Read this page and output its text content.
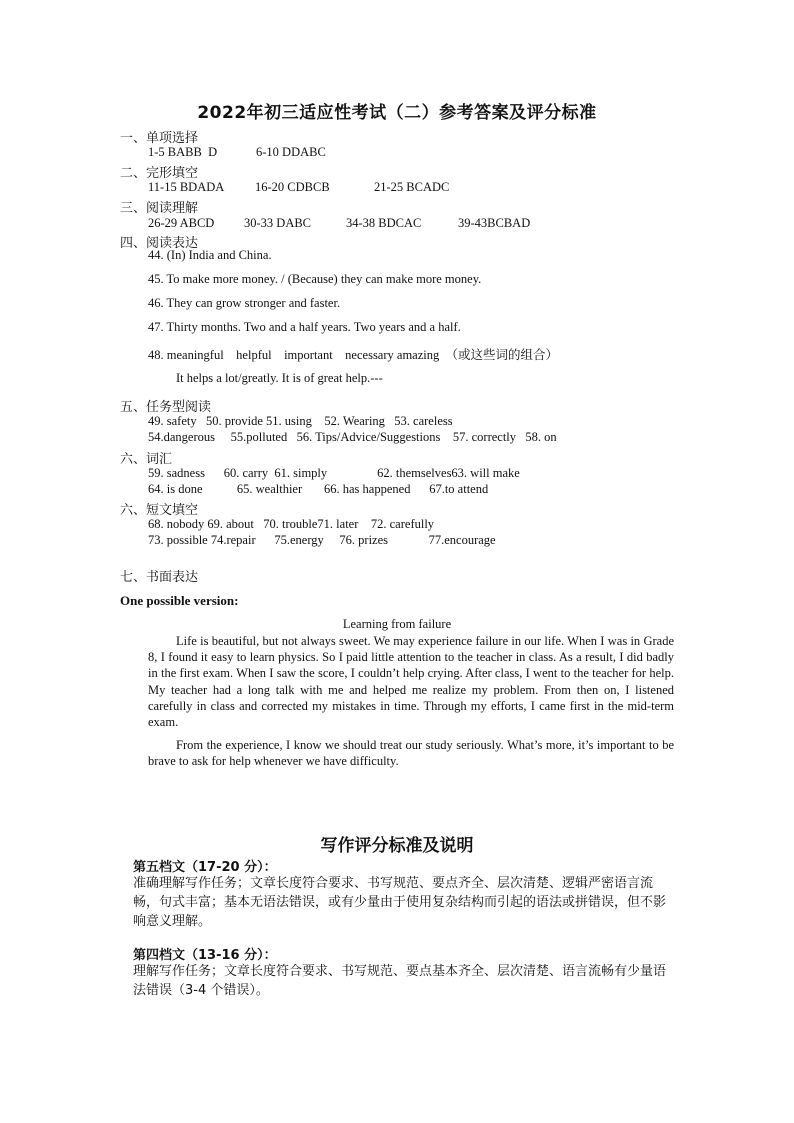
2022年初三适应性考试（二）参考答案及评分标准
一、单项选择
1-5 BABB  D	6-10 DDABC
二、完形填空
11-15 BDADA 16-20 CDBCB	21-25 BCADC
三、阅读理解
26-29 ABCD 30-33 DABC	34-38 BDCAC	39-43BCBAD
四、阅读表达
44. (In) India and China.
45. To make more money. / (Because) they can make more money.
46. They can grow stronger and faster.
47. Thirty months. Two and a half years. Two years and a half.
48. meaningful    helpful    important    necessary amazing  （或这些词的组合）
It helps a lot/greatly. It is of great help.---
五、任务型阅读
49. safety   50. provide 51. using    52. Wearing   53. careless
54.dangerous     55.polluted   56. Tips/Advice/Suggestions    57. correctly   58. on
六、词汇
59. sadness      60. carry  61. simply                62. themselves63. will make
64. is done           65. wealthier       66. has happened      67.to attend
六、短文填空
68. nobody 69. about   70. trouble71. later    72. carefully
73. possible 74.repair      75.energy     76. prizes             77.encourage
七、书面表达
One possible version:
Learning from failure
Life is beautiful, but not always sweet. We may experience failure in our life. When I was in Grade 8, I found it easy to learn physics. So I paid little attention to the teacher in class. As a result, I did badly in the first exam. When I saw the score, I couldn’t help crying. After class, I went to the teacher for help. My teacher had a long talk with me and helped me realize my problem. From then on, I listened carefully in class and corrected my mistakes in time. Through my efforts, I came first in the mid-term exam.
From the experience, I know we should treat our study seriously. What’s more, it’s important to be brave to ask for help whenever we have difficulty.
写作评分标准及说明
第五档文（17-20 分）：
准确理解写作任务；文章长度符合要求、书写规范、要点齐全、层次清楚、逻辑严密语言流畅，句式丰富；基本无语法错误，或有少量由于使用复杂结构而引起的语法或拼错误，但不影响意义理解。
第四档文（13-16 分）：
理解写作任务；文章长度符合要求、书写规范、要点基本齐全、层次清楚、语言流畅有少量语法错误（3-4 个错误）。
